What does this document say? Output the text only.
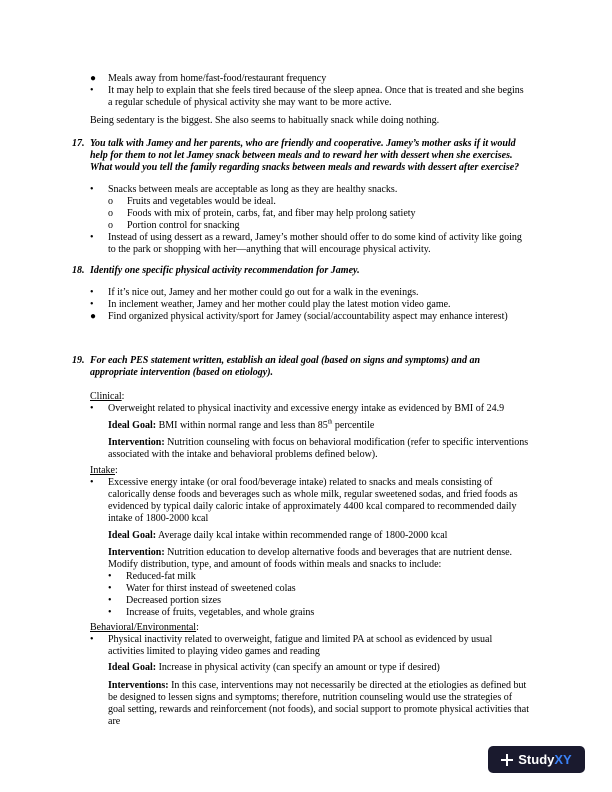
● Meals away from home/fast-food/restaurant frequency

• It may help to explain that she feels tired because of the sleep apnea. Once that is treated and she begins a regular schedule of physical activity she may want to be more active.

Being sedentary is the biggest. She also seems to habitually snack while doing nothing.

17. You talk with Jamey and her parents, who are friendly and cooperative. Jamey’s mother asks if it would help for them to not let Jamey snack between meals and to reward her with dessert when she exercises. What would you tell the family regarding snacks between meals and rewards with dessert after exercise?

• Snacks between meals are acceptable as long as they are healthy snacks.

o Fruits and vegetables would be ideal.

o Foods with mix of protein, carbs, fat, and fiber may help prolong satiety

o Portion control for snacking

• Instead of using dessert as a reward, Jamey’s mother should offer to do some kind of activity like going to the park or shopping with her—anything that will encourage physical activity.

18. Identify one specific physical activity recommendation for Jamey.

• If it’s nice out, Jamey and her mother could go out for a walk in the evenings.

• In inclement weather, Jamey and her mother could play the latest motion video game.

● Find organized physical activity/sport for Jamey (social/accountability aspect may enhance interest)

19. For each PES statement written, establish an ideal goal (based on signs and symptoms) and an appropriate intervention (based on etiology).

Clinical:

• Overweight related to physical inactivity and excessive energy intake as evidenced by BMI of 24.9

Ideal Goal: BMI within normal range and less than 85th percentile

Intervention: Nutrition counseling with focus on behavioral modification (refer to specific interventions associated with the intake and behavioral problems defined below).

Intake:

• Excessive energy intake (or oral food/beverage intake) related to snacks and meals consisting of calorically dense foods and beverages such as whole milk, regular sweetened sodas, and fried foods as evidenced by typical daily caloric intake of approximately 4400 kcal compared to recommended daily intake of 1800-2000 kcal

Ideal Goal: Average daily kcal intake within recommended range of 1800-2000 kcal

Intervention: Nutrition education to develop alternative foods and beverages that are nutrient dense. Modify distribution, type, and amount of foods within meals and snacks to include:

• Reduced-fat milk

• Water for thirst instead of sweetened colas

• Decreased portion sizes

• Increase of fruits, vegetables, and whole grains

Behavioral/Environmental:

• Physical inactivity related to overweight, fatigue and limited PA at school as evidenced by usual activities limited to playing video games and reading

Ideal Goal: Increase in physical activity (can specify an amount or type if desired)

Interventions: In this case, interventions may not necessarily be directed at the etiologies as defined but be designed to lessen signs and symptoms; therefore, nutrition counseling would use the strategies of goal setting, rewards and reinforcement (not foods), and social support to promote physical activities that are

Study XY
